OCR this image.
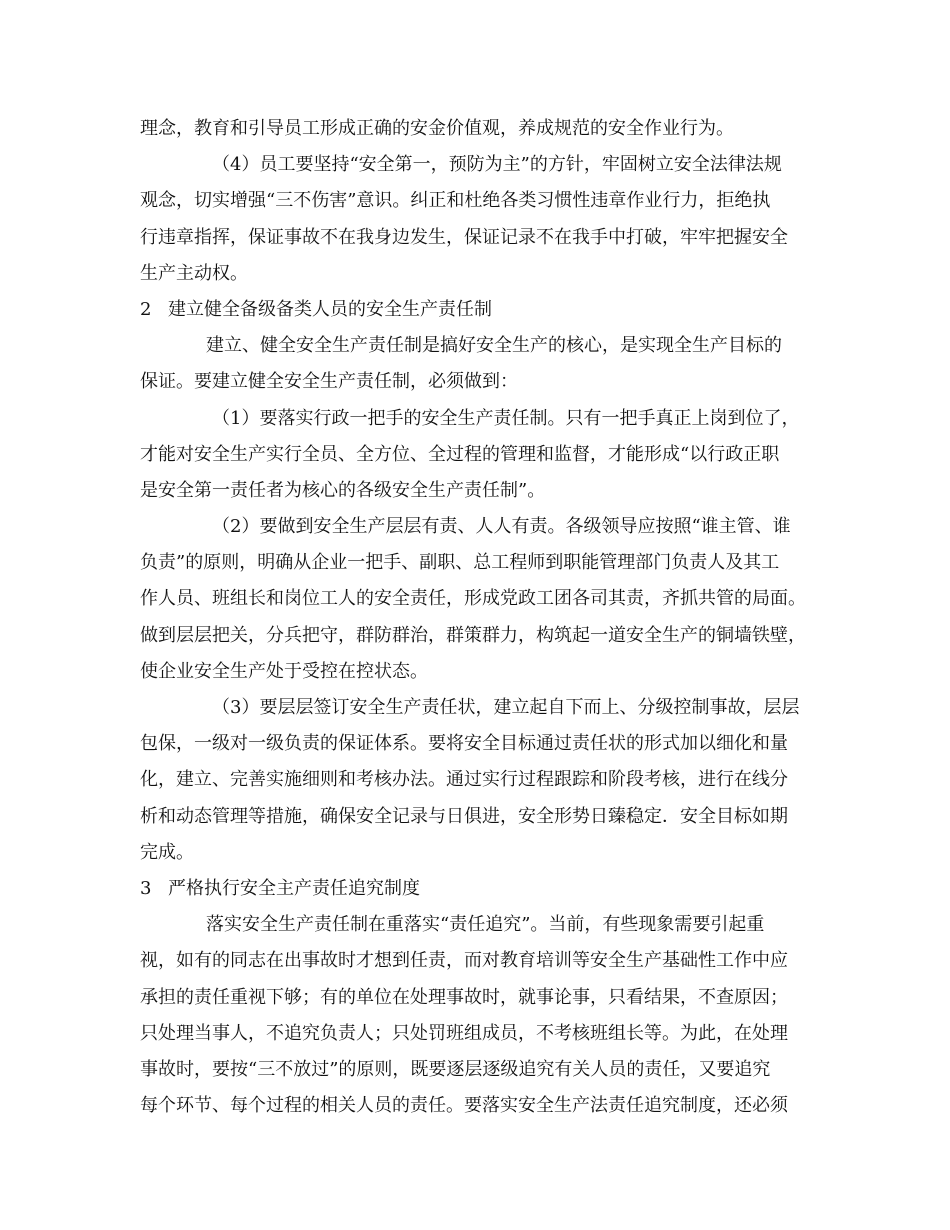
理念，教育和引导员工形成正确的安金价值观，养成规范的安全作业行为。
（4）员工要坚持“安全第一，预防为主”的方针，牢固树立安全法律法规
观念，切实增强“三不伤害”意识。纠正和杜绝各类习惯性违章作业行力，拒绝执
行违章指挥，保证事故不在我身边发生，保证记录不在我手中打破，牢牢把握安全
生产主动权。
2 建立健全备级备类人员的安全生产责任制
建立、健全安全生产责任制是搞好安全生产的核心，是实现全生产目标的
保证。要建立健全安全生产责任制，必须做到：
（1）要落实行政一把手的安全生产责任制。只有一把手真正上岗到位了，
才能对安全生产实行全员、全方位、全过程的管理和监督，才能形成“以行政正职
是安全第一责任者为核心的各级安全生产责任制”。
（2）要做到安全生产层层有责、人人有责。各级领导应按照“谁主管、谁
负责”的原则，明确从企业一把手、副职、总工程师到职能管理部门负责人及其工
作人员、班组长和岗位工人的安全责任，形成党政工团各司其责，齐抓共管的局面。
做到层层把关，分兵把守，群防群治，群策群力，构筑起一道安全生产的铜墙铁壁，
使企业安全生产处于受控在控状态。
（3）要层层签订安全生产责任状，建立起自下而上、分级控制事故，层层
包保，一级对一级负责的保证体系。要将安全目标通过责任状的形式加以细化和量
化，建立、完善实施细则和考核办法。通过实行过程跟踪和阶段考核，进行在线分
析和动态管理等措施，确保安全记录与日俱进，安全形势日臻稳定．安全目标如期
完成。
3 严格执行安全主产责任追究制度
落实安全生产责任制在重落实“责任追究”。当前，有些现象需要引起重
视，如有的同志在出事故时才想到任责，而对教育培训等安全生产基础性工作中应
承担的责任重视下够；有的单位在处理事故时，就事论事，只看结果，不查原因；
只处理当事人，不追究负责人；只处罚班组成员，不考核班组长等。为此，在处理
事故时，要按“三不放过”的原则，既要逐层逐级追究有关人员的责任，又要追究
每个环节、每个过程的相关人员的责任。要落实安全生产法责任追究制度，还必须
